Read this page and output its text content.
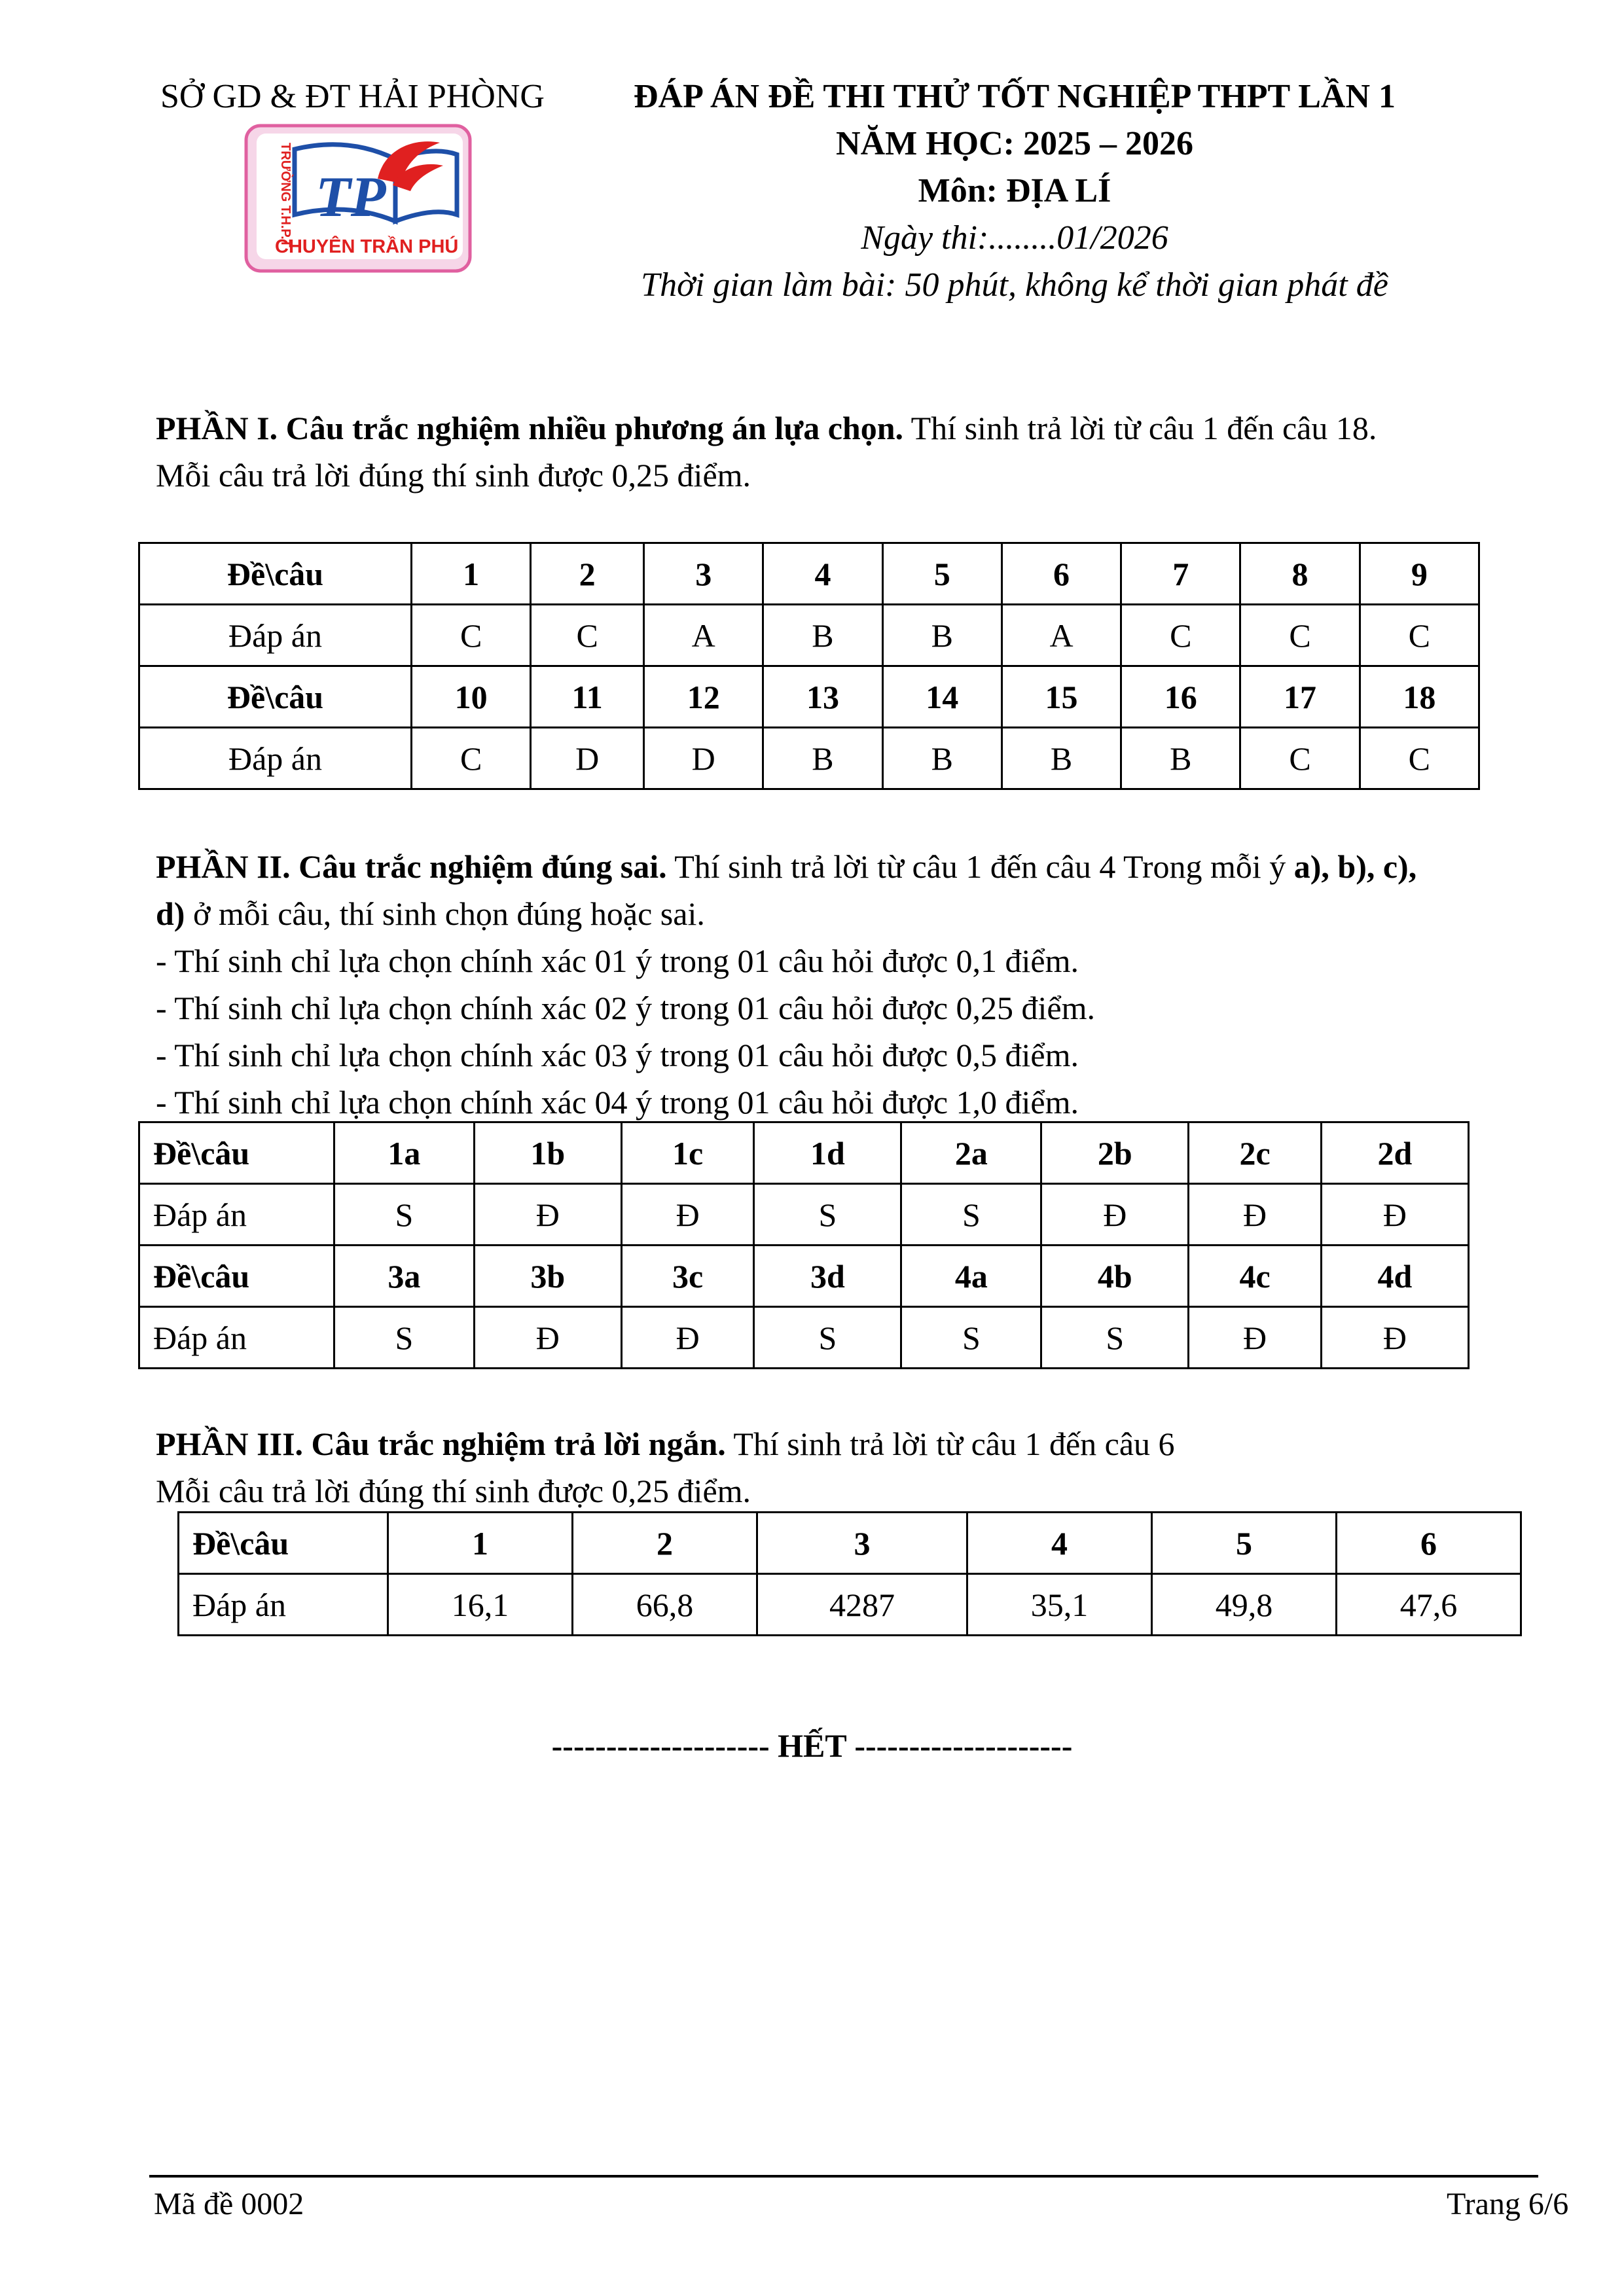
SỞ GD & ĐT HẢI PHÒNG
TP
TRƯỜNG T.H.P.T
CHUYÊN TRẦN PHÚ
ĐÁP ÁN ĐỀ THI THỬ TỐT NGHIỆP THPT LẦN 1
NĂM HỌC: 2025 – 2026
Môn: ĐỊA LÍ
Ngày thi:........01/2026
Thời gian làm bài: 50 phút, không kể thời gian phát đề
PHẦN I. Câu trắc nghiệm nhiều phương án lựa chọn. Thí sinh trả lời từ câu 1 đến câu 18.
Mỗi câu trả lời đúng thí sinh được 0,25 điểm.
Đề\câu	1	2	3	4	5	6	7	8	9
Đáp án	C	C	A	B	B	A	C	C	C
Đề\câu	10	11	12	13	14	15	16	17	18
Đáp án	C	D	D	B	B	B	B	C	C
PHẦN II. Câu trắc nghiệm đúng sai. Thí sinh trả lời từ câu 1 đến câu 4 Trong mỗi ý a), b), c),
d) ở mỗi câu, thí sinh chọn đúng hoặc sai.
- Thí sinh chỉ lựa chọn chính xác 01 ý trong 01 câu hỏi được 0,1 điểm.
- Thí sinh chỉ lựa chọn chính xác 02 ý trong 01 câu hỏi được 0,25 điểm.
- Thí sinh chỉ lựa chọn chính xác 03 ý trong 01 câu hỏi được 0,5 điểm.
- Thí sinh chỉ lựa chọn chính xác 04 ý trong 01 câu hỏi được 1,0 điểm.
Đề\câu	1a	1b	1c	1d	2a	2b	2c	2d
Đáp án	S	Đ	Đ	S	S	Đ	Đ	Đ
Đề\câu	3a	3b	3c	3d	4a	4b	4c	4d
Đáp án	S	Đ	Đ	S	S	S	Đ	Đ
PHẦN III. Câu trắc nghiệm trả lời ngắn. Thí sinh trả lời từ câu 1 đến câu 6
Mỗi câu trả lời đúng thí sinh được 0,25 điểm.
Đề\câu	1	2	3	4	5	6
Đáp án	16,1	66,8	4287	35,1	49,8	47,6
-------------------- HẾT --------------------
Mã đề 0002	Trang 6/6
